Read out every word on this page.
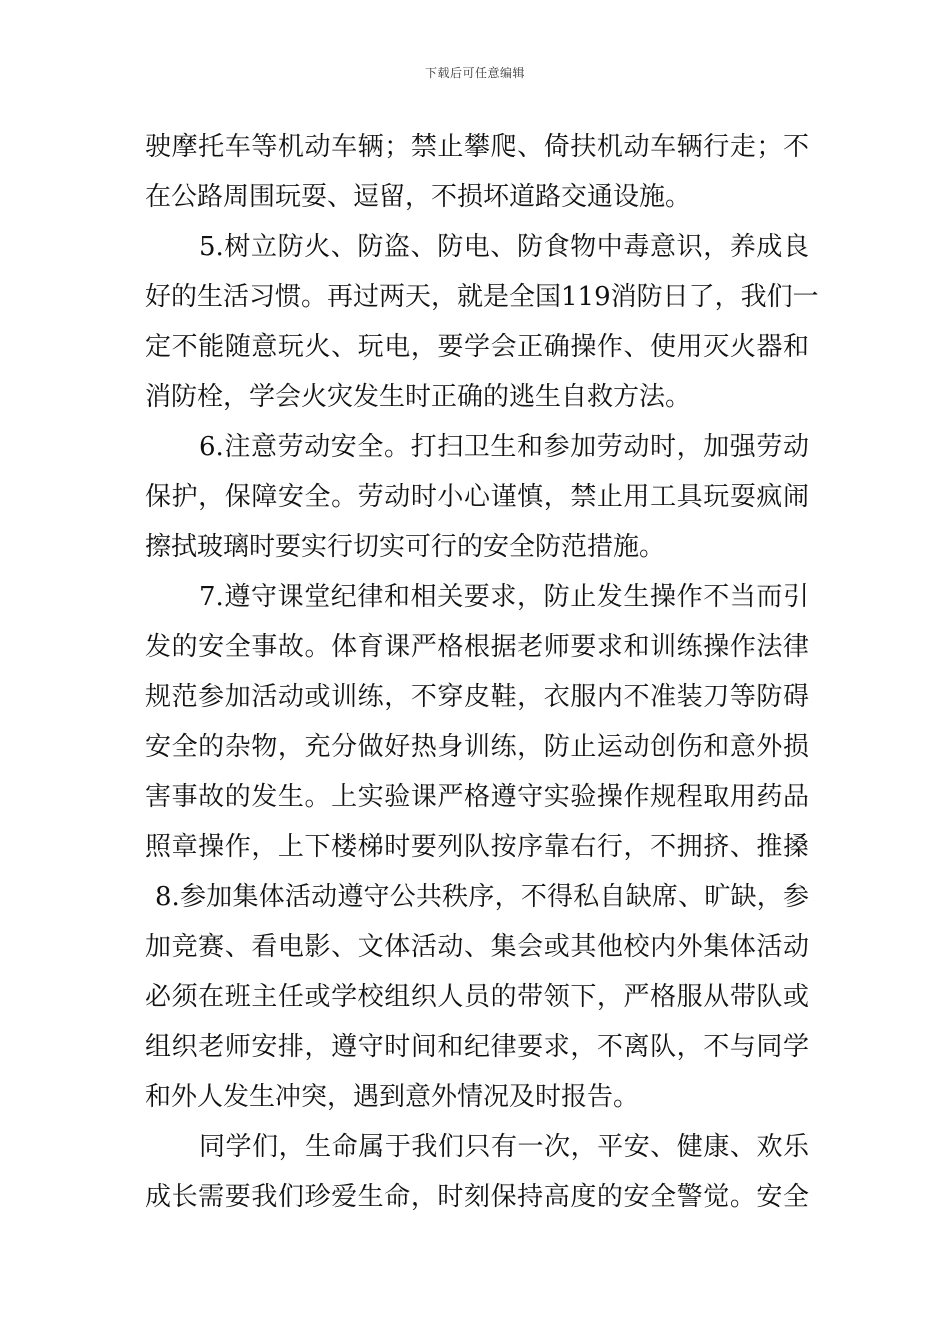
下载后可任意编辑
驶摩托车等机动车辆；禁止攀爬、倚扶机动车辆行走；不
在公路周围玩耍、逗留，不损坏道路交通设施。
5.树立防火、防盗、防电、防食物中毒意识，养成良
好的生活习惯。再过两天，就是全国119消防日了，我们一
定不能随意玩火、玩电，要学会正确操作、使用灭火器和
消防栓，学会火灾发生时正确的逃生自救方法。
6.注意劳动安全。打扫卫生和参加劳动时，加强劳动
保护，保障安全。劳动时小心谨慎，禁止用工具玩耍疯闹
擦拭玻璃时要实行切实可行的安全防范措施。
7.遵守课堂纪律和相关要求，防止发生操作不当而引
发的安全事故。体育课严格根据老师要求和训练操作法律
规范参加活动或训练，不穿皮鞋，衣服内不准装刀等防碍
安全的杂物，充分做好热身训练，防止运动创伤和意外损
害事故的发生。上实验课严格遵守实验操作规程取用药品
照章操作，上下楼梯时要列队按序靠右行，不拥挤、推搡
8.参加集体活动遵守公共秩序，不得私自缺席、旷缺，参
加竞赛、看电影、文体活动、集会或其他校内外集体活动
必须在班主任或学校组织人员的带领下，严格服从带队或
组织老师安排，遵守时间和纪律要求，不离队，不与同学
和外人发生冲突，遇到意外情况及时报告。
同学们，生命属于我们只有一次，平安、健康、欢乐
成长需要我们珍爱生命，时刻保持高度的安全警觉。安全
